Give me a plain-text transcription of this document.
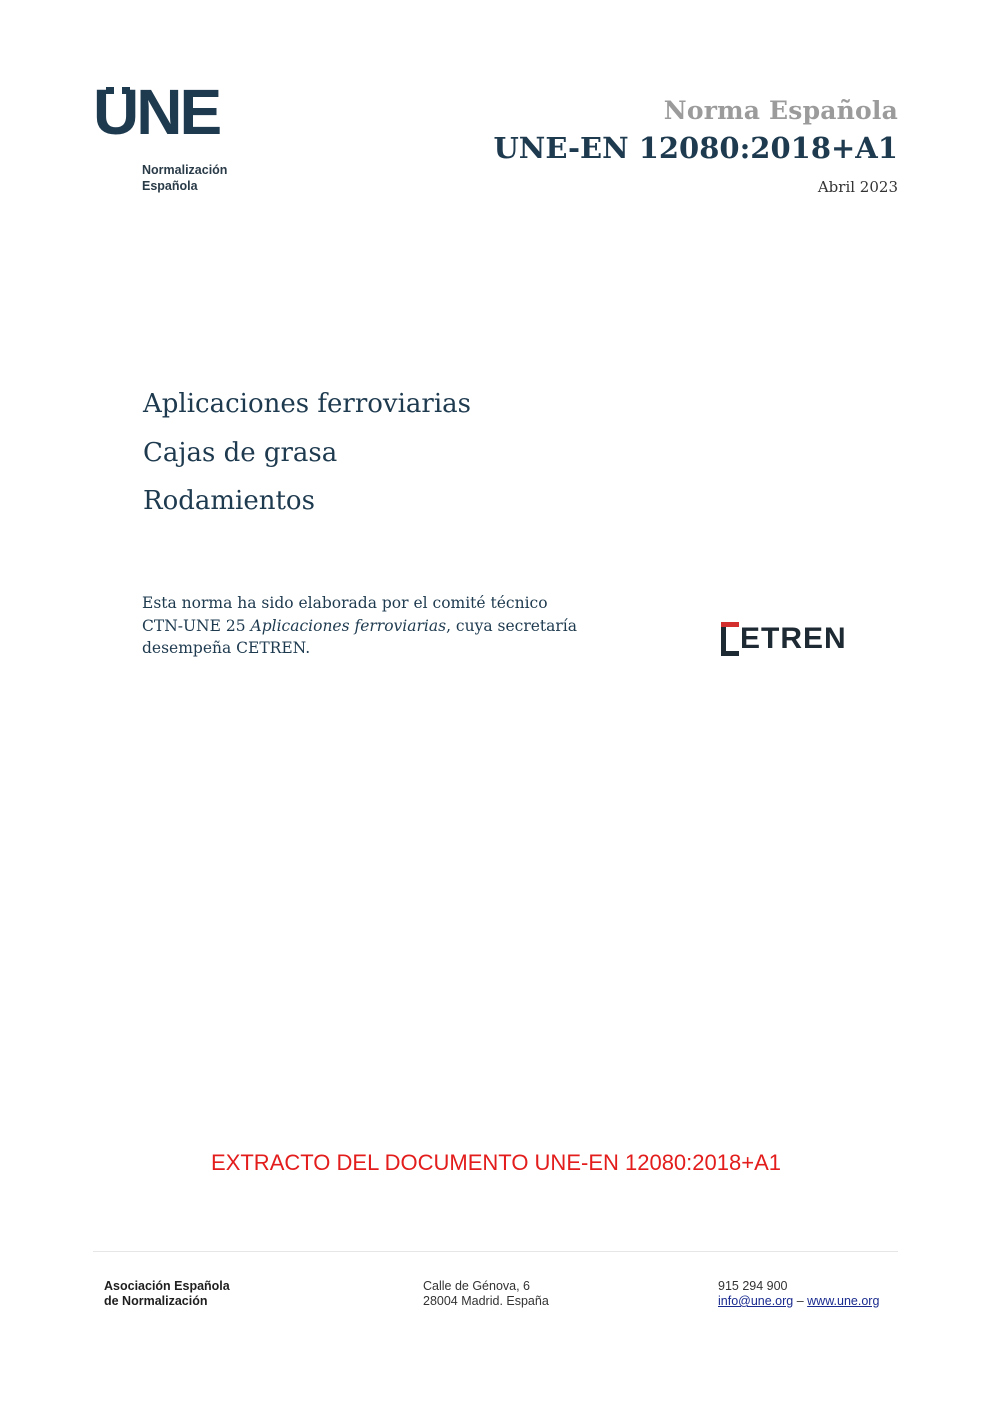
UNE
Normalización
Española
Norma Española
UNE-EN 12080:2018+A1
Abril 2023
Aplicaciones ferroviarias
Cajas de grasa
Rodamientos
Esta norma ha sido elaborada por el comité técnico
CTN-UNE 25 Aplicaciones ferroviarias, cuya secretaría
desempeña CETREN.	ETREN
EXTRACTO DEL DOCUMENTO UNE-EN 12080:2018+A1
Asociación Española
de Normalización
Calle de Génova, 6
28004 Madrid. España
915 294 900
info@une.org – www.une.org
